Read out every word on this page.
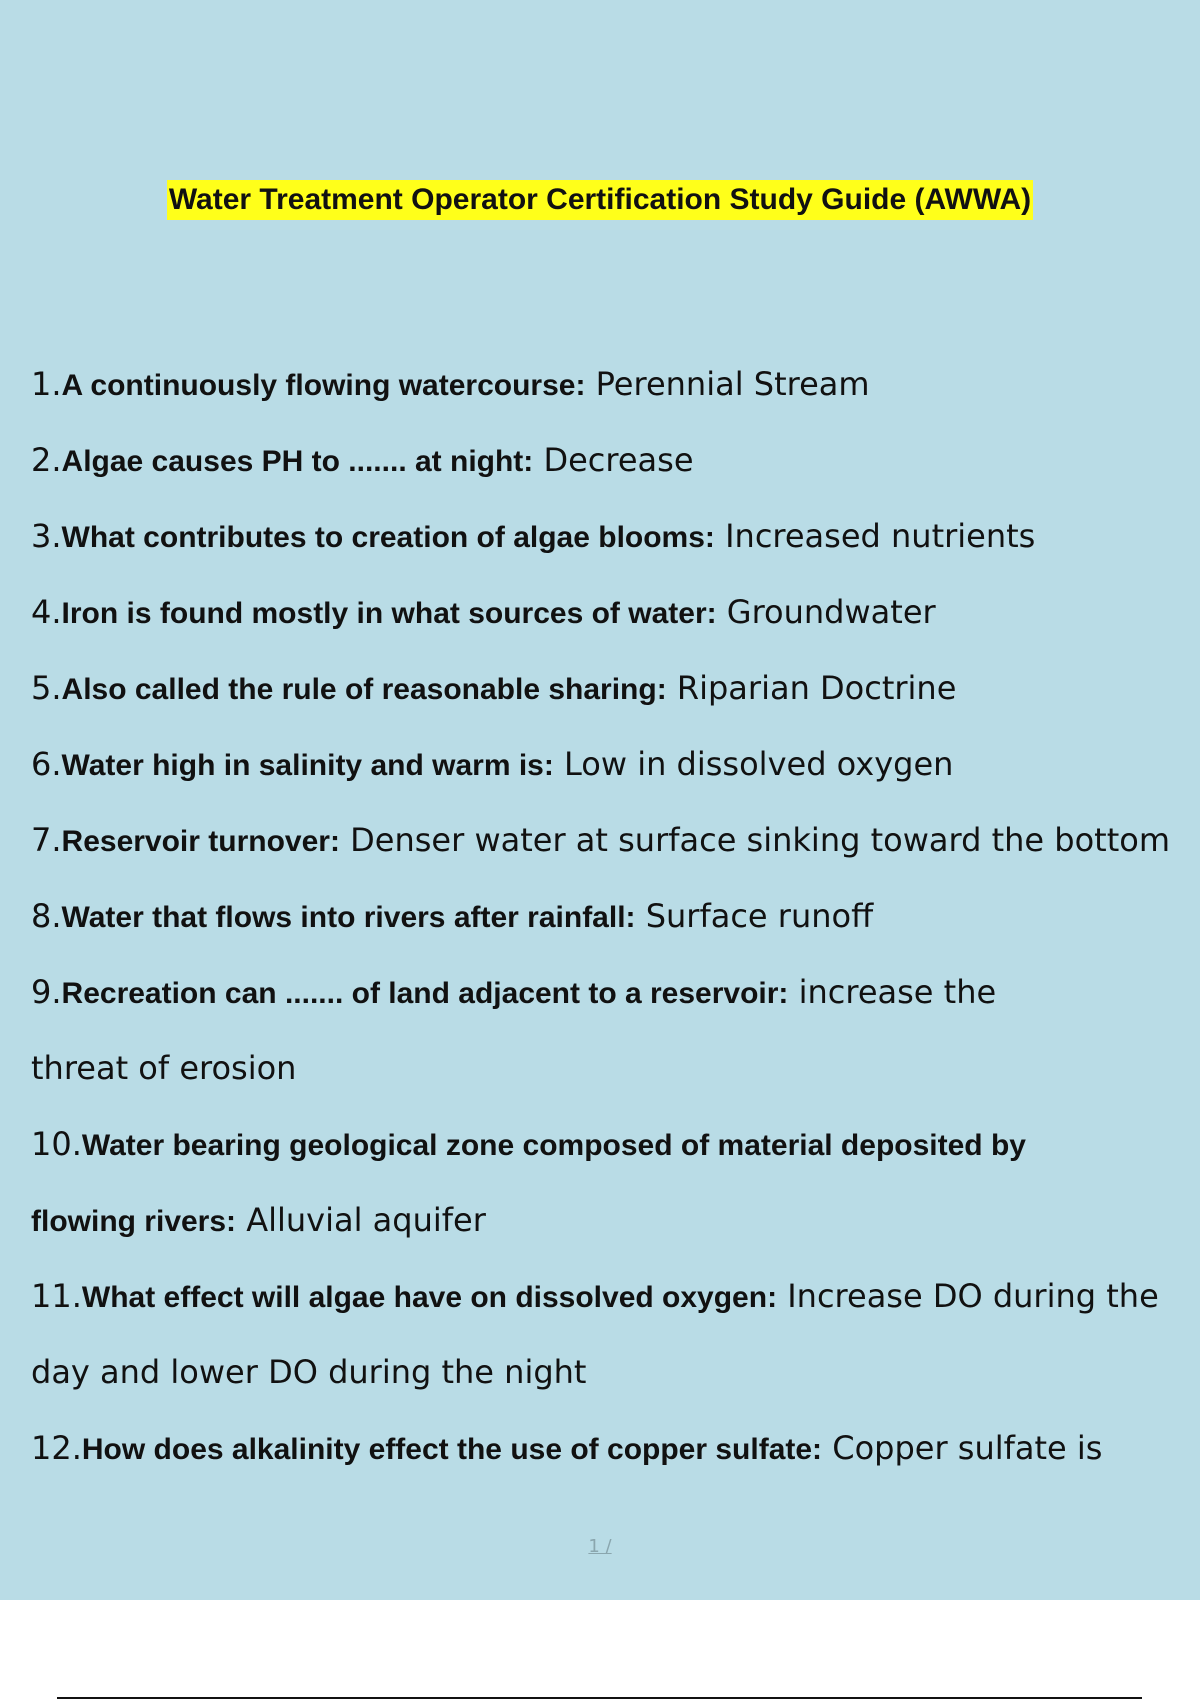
Water Treatment Operator Certification Study Guide (AWWA)
1.A continuously flowing watercourse: Perennial Stream
2.Algae causes PH to ....... at night: Decrease
3.What contributes to creation of algae blooms: Increased nutrients
4.Iron is found mostly in what sources of water: Groundwater
5.Also called the rule of reasonable sharing: Riparian Doctrine
6.Water high in salinity and warm is: Low in dissolved oxygen
7.Reservoir turnover: Denser water at surface sinking toward the bottom
8.Water that flows into rivers after rainfall: Surface runoff
9.Recreation can ....... of land adjacent to a reservoir: increase the
threat of erosion
10.Water bearing geological zone composed of material deposited by
flowing rivers: Alluvial aquifer
11.What effect will algae have on dissolved oxygen: Increase DO during the
day and lower DO during the night
12.How does alkalinity effect the use of copper sulfate: Copper sulfate is
1 /
